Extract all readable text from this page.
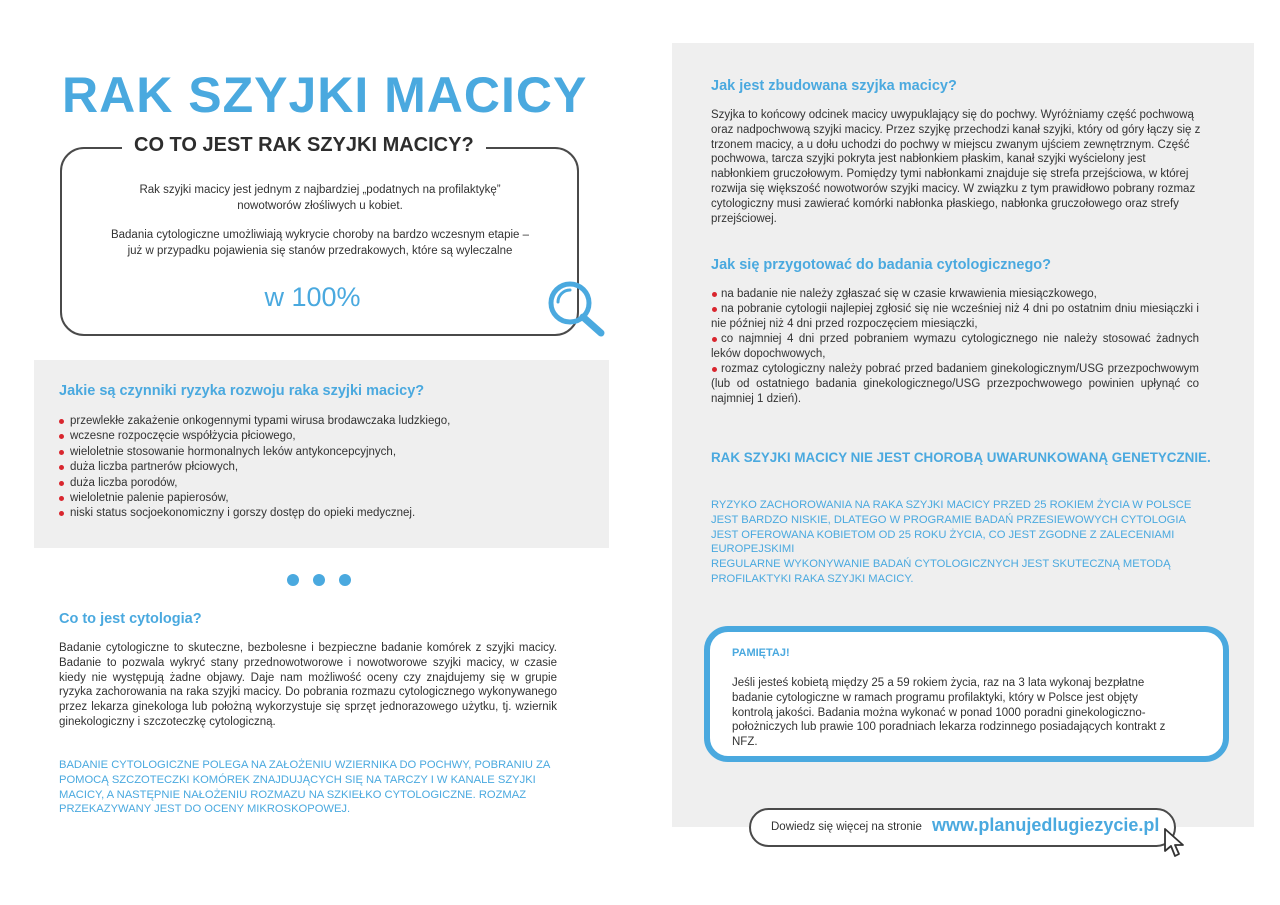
RAK SZYJKI MACICY
CO TO JEST RAK SZYJKI MACICY?

Rak szyjki macicy jest jednym z najbardziej „podatnych na profilaktykę” nowotworów złośliwych u kobiet.

Badania cytologiczne umożliwiają wykrycie choroby na bardzo wczesnym etapie – już w przypadku pojawienia się stanów przedrakowych, które są wyleczalne

w 100%
Jakie są czynniki ryzyka rozwoju raka szyjki macicy?
przewlekłe zakażenie onkogennymi typami wirusa brodawczaka ludzkiego,
wczesne rozpoczęcie współżycia płciowego,
wieloletnie stosowanie hormonalnych leków antykoncepcyjnych,
duża liczba partnerów płciowych,
duża liczba porodów,
wieloletnie palenie papierosów,
niski status socjoekonomiczny i gorszy dostęp do opieki medycznej.
Co to jest cytologia?

Badanie cytologiczne to skuteczne, bezbolesne i bezpieczne badanie komórek z szyjki macicy. Badanie to pozwala wykryć stany przednowotworowe i nowotworowe szyjki macicy, w czasie kiedy nie występują żadne objawy. Daje nam możliwość oceny czy znajdujemy się w grupie ryzyka zachorowania na raka szyjki macicy. Do pobrania rozmazu cytologicznego wykonywanego przez lekarza ginekologa lub położną wykorzystuje się sprzęt jednorazowego użytku, tj. wziernik ginekologiczny i szczoteczkę cytologiczną.

BADANIE CYTOLOGICZNE POLEGA NA ZAŁOŻENIU WZIERNIKA DO POCHWY, POBRANIU ZA POMOCĄ SZCZOTECZKI KOMÓREK ZNAJDUJĄCYCH SIĘ NA TARCZY I W KANALE SZYJKI MACICY, A NASTĘPNIE NAŁOŻENIU ROZMAZU NA SZKIEŁKO CYTOLOGICZNE. ROZMAZ PRZEKAZYWANY JEST DO OCENY MIKROSKOPOWEJ.

Jak jest zbudowana szyjka macicy?

Szyjka to końcowy odcinek macicy uwypuklający się do pochwy. Wyróżniamy część pochwową oraz nadpochwową szyjki macicy. Przez szyjkę przechodzi kanał szyjki, który od góry łączy się z trzonem macicy, a u dołu uchodzi do pochwy w miejscu zwanym ujściem zewnętrznym. Część pochwowa, tarcza szyjki pokryta jest nabłonkiem płaskim, kanał szyjki wyścielony jest nabłonkiem gruczołowym. Pomiędzy tymi nabłonkami znajduje się strefa przejściowa, w której rozwija się większość nowotworów szyjki macicy. W związku z tym prawidłowo pobrany rozmaz cytologiczny musi zawierać komórki nabłonka płaskiego, nabłonka gruczołowego oraz strefy przejściowej.

Jak się przygotować do badania cytologicznego?
na badanie nie należy zgłaszać się w czasie krwawienia miesiączkowego,
na pobranie cytologii najlepiej zgłosić się nie wcześniej niż 4 dni po ostatnim dniu miesiączki i nie później niż 4 dni przed rozpoczęciem miesiączki,
co najmniej 4 dni przed pobraniem wymazu cytologicznego nie należy stosować żadnych leków dopochwowych,
rozmaz cytologiczny należy pobrać przed badaniem ginekologicznym/USG przezpochwowym (lub od ostatniego badania ginekologicznego/USG przezpochwowego powinien upłynąć co najmniej 1 dzień).
RAK SZYJKI MACICY NIE JEST CHOROBĄ UWARUNKOWANĄ GENETYCZNIE.

RYZYKO ZACHOROWANIA NA RAKA SZYJKI MACICY PRZED 25 ROKIEM ŻYCIA W POLSCE JEST BARDZO NISKIE, DLATEGO W PROGRAMIE BADAŃ PRZESIEWOWYCH CYTOLOGIA JEST OFEROWANA KOBIETOM OD 25 ROKU ŻYCIA, CO JEST ZGODNE Z ZALECENIAMI EUROPEJSKIMI

REGULARNE WYKONYWANIE BADAŃ CYTOLOGICZNYCH JEST SKUTECZNĄ METODĄ PROFILAKTYKI RAKA SZYJKI MACICY.

PAMIĘTAJ!

Jeśli jesteś kobietą między 25 a 59 rokiem życia, raz na 3 lata wykonaj bezpłatne badanie cytologiczne w ramach programu profilaktyki, który w Polsce jest objęty kontrolą jakości. Badania można wykonać w ponad 1000 poradni ginekologiczno-położniczych lub prawie 100 poradniach lekarza rodzinnego posiadających kontrakt z NFZ.

Dowiedz się więcej na stronie www.planujedlugiezycie.pl
